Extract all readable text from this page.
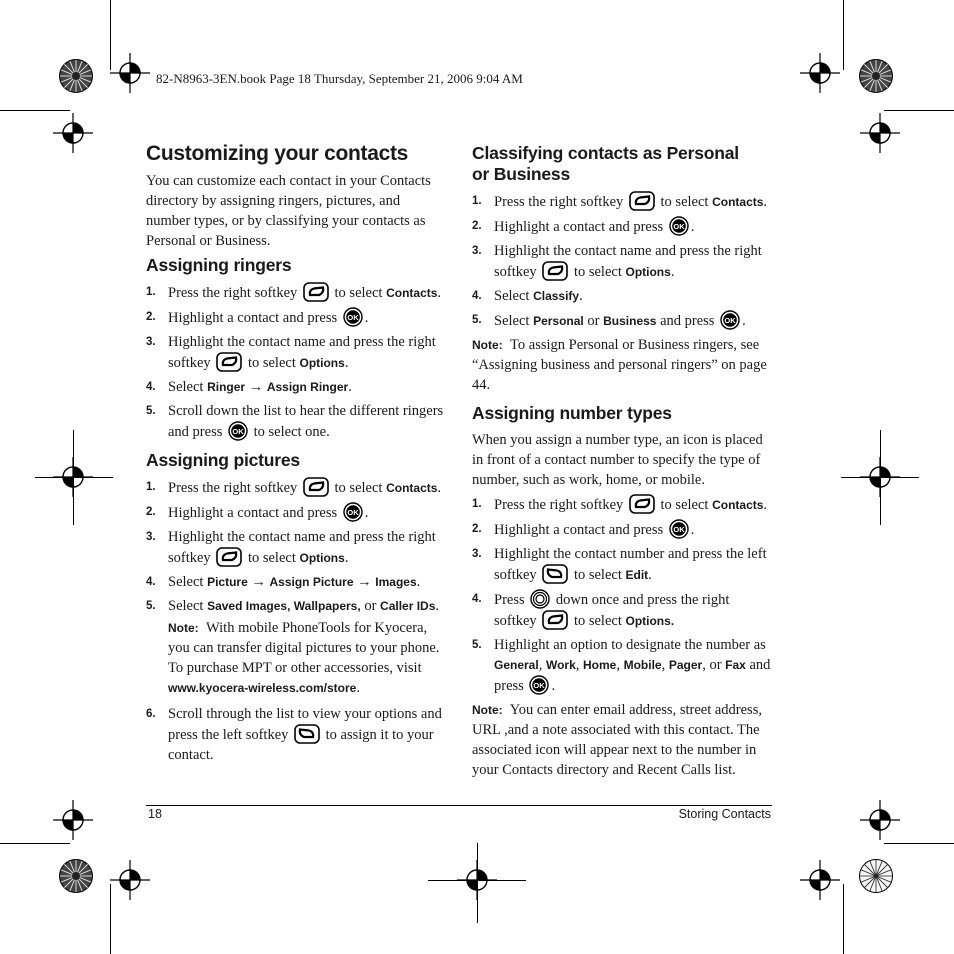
82-N8963-3EN.book Page 18 Thursday, September 21, 2006 9:04 AM
Customizing your contacts

You can customize each contact in your Contacts directory by assigning ringers, pictures, and number types, or by classifying your contacts as Personal or Business.

Assigning ringers
1. Press the right softkey	to select Contacts.
2. Highlight a contact and press .
3. Highlight the contact name and press the right softkey	to select Options.
4. Select Ringer → Assign Ringer.
5. Scroll down the list to hear the different ringers and press to select one.
Assigning pictures
1. Press the right softkey	to select Contacts.
2. Highlight a contact and press .
3. Highlight the contact name and press the right softkey	to select Options.
4. Select Picture → Assign Picture → Images.
5. Select Saved Images, Wallpapers, or Caller IDs.
Note: With mobile PhoneTools for Kyocera, you can transfer digital pictures to your phone. To purchase MPT or other accessories, visit
www.kyocera-wireless.com/store.
6. Scroll through the list to view your options and press the left softkey	to assign it to your contact.
Classifying contacts as Personal
or Business
1. Press the right softkey	to select Contacts.
2. Highlight a contact and press .
3. Highlight the contact name and press the right softkey	to select Options.
4. Select Classify.
5. Select Personal or Business and press .

Note: To assign Personal or Business ringers, see “Assigning business and personal ringers” on page 44.

Assigning number types

When you assign a number type, an icon is placed in front of a contact number to specify the type of number, such as work, home, or mobile.

1. Press the right softkey	to select Contacts.
2. Highlight a contact and press .
3. Highlight the contact number and press the left softkey	to select Edit.
4. Press down once and press the right softkey	to select Options.
5. Highlight an option to designate the number as General, Work, Home, Mobile, Pager, or Fax and press .

Note: You can enter email address, street address, URL ,and a note associated with this contact. The associated icon will appear next to the number in your Contacts directory and Recent Calls list.

18	Storing Contacts
